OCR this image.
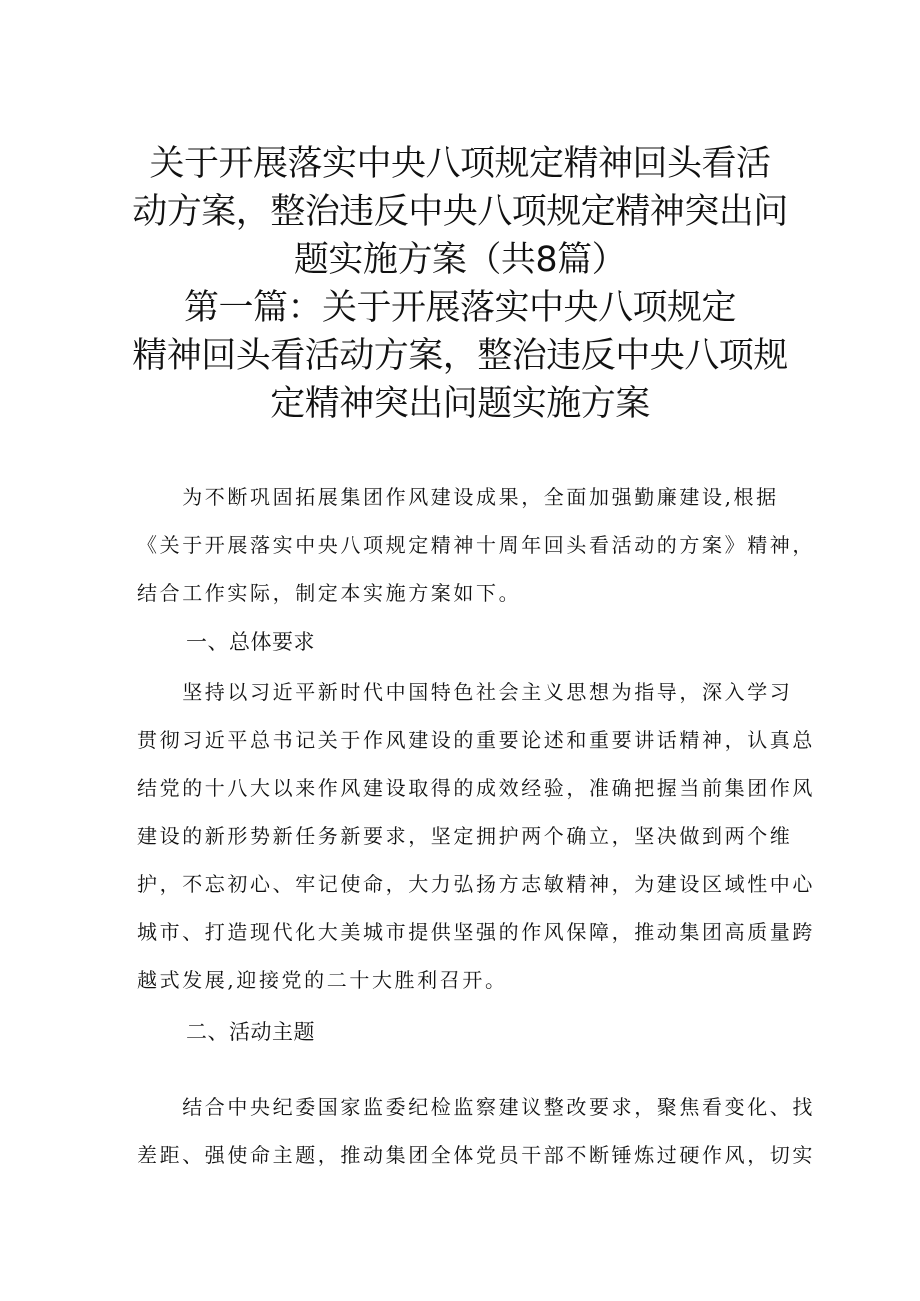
关于开展落实中央八项规定精神回头看活
动方案，整治违反中央八项规定精神突出问
题实施方案（共8篇）
第一篇：关于开展落实中央八项规定
精神回头看活动方案，整治违反中央八项规
定精神突出问题实施方案
　　为不断巩固拓展集团作风建设成果，全面加强勤廉建设,根据
《关于开展落实中央八项规定精神十周年回头看活动的方案》精神，
结合工作实际，制定本实施方案如下。
一、总体要求
　　坚持以习近平新时代中国特色社会主义思想为指导，深入学习
贯彻习近平总书记关于作风建设的重要论述和重要讲话精神，认真总
结党的十八大以来作风建设取得的成效经验，准确把握当前集团作风
建设的新形势新任务新要求，坚定拥护两个确立，坚决做到两个维
护，不忘初心、牢记使命，大力弘扬方志敏精神，为建设区域性中心
城市、打造现代化大美城市提供坚强的作风保障，推动集团高质量跨
越式发展,迎接党的二十大胜利召开。
二、活动主题
　　结合中央纪委国家监委纪检监察建议整改要求，聚焦看变化、找
差距、强使命主题，推动集团全体党员干部不断锤炼过硬作风，切实
